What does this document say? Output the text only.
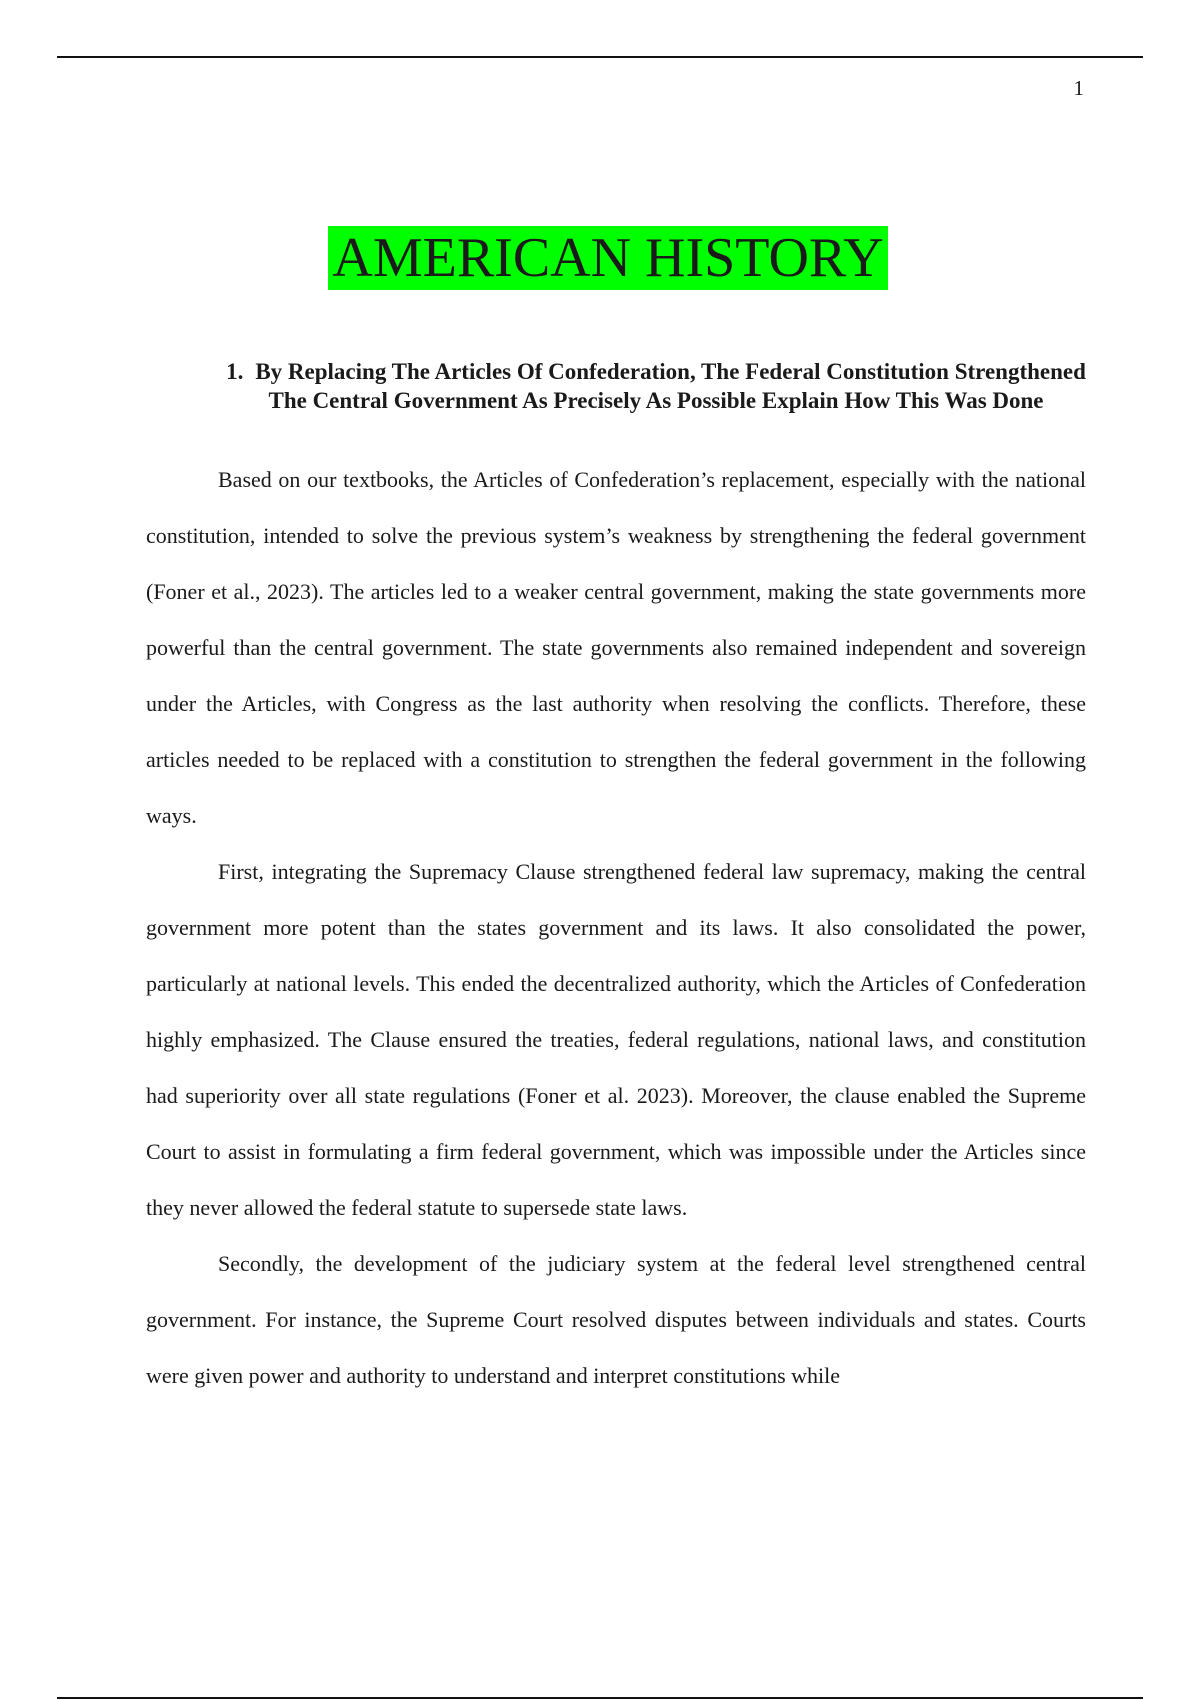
1
AMERICAN HISTORY
1. By Replacing The Articles Of Confederation, The Federal Constitution Strengthened The Central Government As Precisely As Possible Explain How This Was Done

Based on our textbooks, the Articles of Confederation’s replacement, especially with the national constitution, intended to solve the previous system’s weakness by strengthening the federal government (Foner et al., 2023). The articles led to a weaker central government, making the state governments more powerful than the central government. The state governments also remained independent and sovereign under the Articles, with Congress as the last authority when resolving the conflicts. Therefore, these articles needed to be replaced with a constitution to strengthen the federal government in the following ways.

First, integrating the Supremacy Clause strengthened federal law supremacy, making the central government more potent than the states government and its laws. It also consolidated the power, particularly at national levels. This ended the decentralized authority, which the Articles of Confederation highly emphasized. The Clause ensured the treaties, federal regulations, national laws, and constitution had superiority over all state regulations (Foner et al. 2023). Moreover, the clause enabled the Supreme Court to assist in formulating a firm federal government, which was impossible under the Articles since they never allowed the federal statute to supersede state laws.

Secondly, the development of the judiciary system at the federal level strengthened central government. For instance, the Supreme Court resolved disputes between individuals and states. Courts were given power and authority to understand and interpret constitutions while
